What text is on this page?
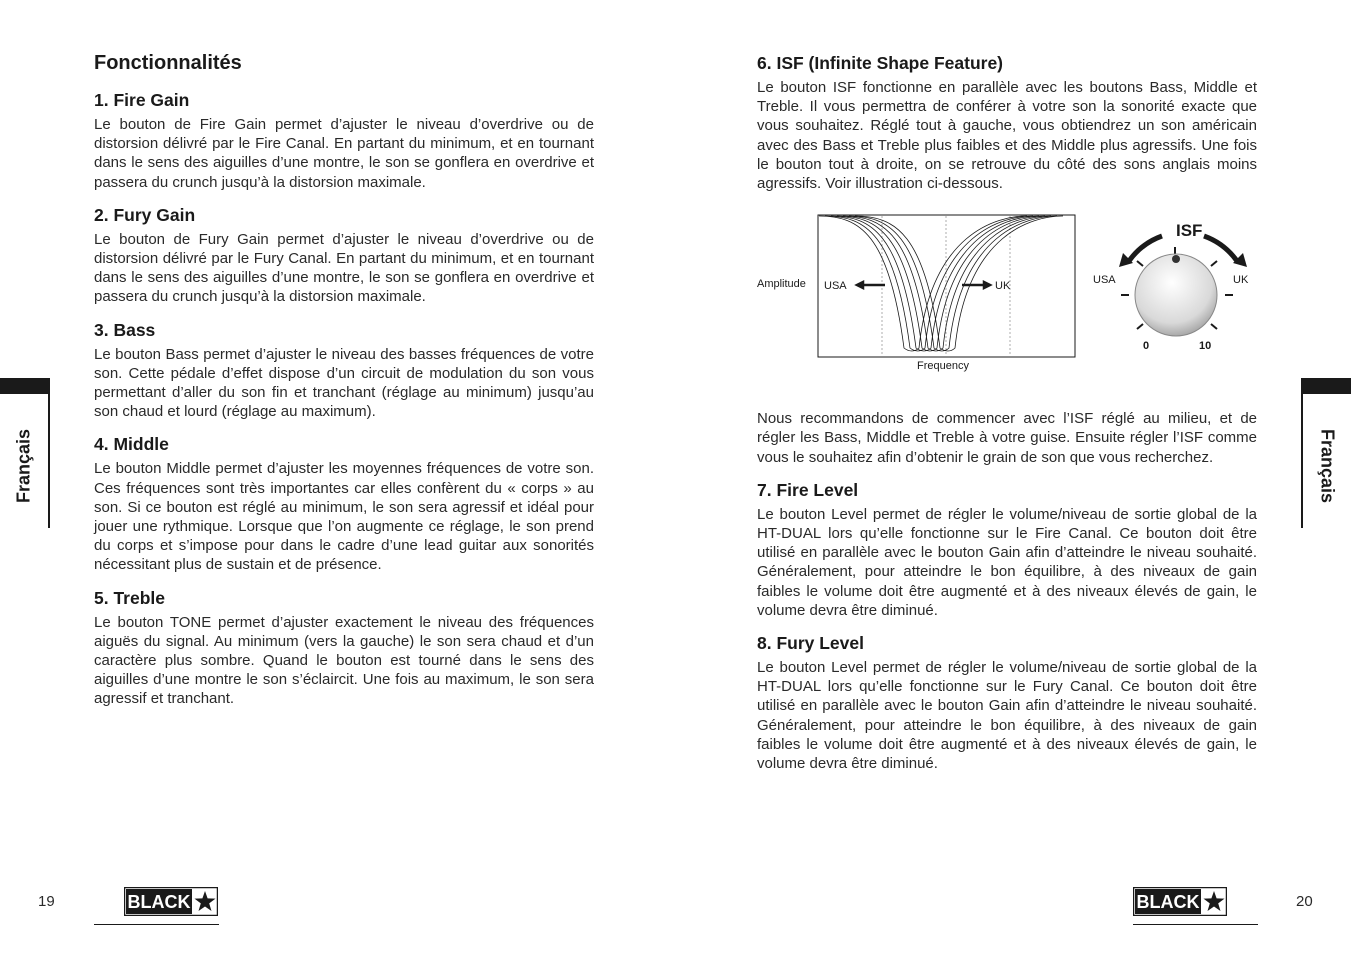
Fonctionnalités
1. Fire Gain

Le bouton de Fire Gain permet d’ajuster le niveau d’overdrive ou de distorsion délivré par le Fire Canal. En partant du minimum, et en tournant dans le sens des aiguilles d’une montre, le son se gonflera en overdrive et passera du crunch jusqu’à la distorsion maximale.

2. Fury Gain

Le bouton de Fury Gain permet d’ajuster le niveau d’overdrive ou de distorsion délivré par le Fury Canal. En partant du minimum, et en tournant dans le sens des aiguilles d’une montre, le son se gonflera en overdrive et passera du crunch jusqu’à la distorsion maximale.

3. Bass

Le bouton Bass permet d’ajuster le niveau des basses fréquences de votre son. Cette pédale d’effet dispose d’un circuit de modulation du son vous permettant d’aller du son fin et tranchant (réglage au minimum) jusqu’au son chaud et lourd (réglage au maximum).

4. Middle

Le bouton Middle permet d’ajuster les moyennes fréquences de votre son. Ces fréquences sont très importantes car elles confèrent du « corps » au son. Si ce bouton est réglé au minimum, le son sera agressif et idéal pour jouer une rythmique. Lorsque que l’on augmente ce réglage, le son prend du corps et s’impose pour dans le cadre d’une lead guitar aux sonorités nécessitant plus de sustain et de présence.

5. Treble

Le bouton TONE permet d’ajuster exactement le niveau des fréquences aiguës du signal. Au minimum (vers la gauche) le son sera chaud et d’un caractère plus sombre. Quand le bouton est tourné dans le sens des aiguilles d’une montre le son s’éclaircit. Une fois au maximum, le son sera agressif et tranchant.

Français
19	BLACK
6. ISF (Infinite Shape Feature)

Le bouton ISF fonctionne en parallèle avec les boutons Bass, Middle et Treble. Il vous permettra de conférer à votre son la sonorité exacte que vous souhaitez. Réglé tout à gauche, vous obtiendrez un son américain avec des Bass et Treble plus faibles et des Middle plus agressifs. Une fois le bouton tout à droite, on se retrouve du côté des sons anglais moins agressifs. Voir illustration ci-dessous.

Amplitude
Frequency
USA	UK
ISF
USA	UK
0	10

Nous recommandons de commencer avec l’ISF réglé au milieu, et de régler les Bass, Middle et Treble à votre guise. Ensuite régler l’ISF comme vous le souhaitez afin d’obtenir le grain de son que vous recherchez.

7. Fire Level

Le bouton Level permet de régler le volume/niveau de sortie global de la HT-DUAL lors qu’elle fonctionne sur le Fire Canal. Ce bouton doit être utilisé en parallèle avec le bouton Gain afin d’atteindre le niveau souhaité. Généralement, pour atteindre le bon équilibre, à des niveaux de gain faibles le volume doit être augmenté et à des niveaux élevés de gain, le volume devra être diminué.

8. Fury Level

Le bouton Level permet de régler le volume/niveau de sortie global de la HT-DUAL lors qu’elle fonctionne sur le Fury Canal. Ce bouton doit être utilisé en parallèle avec le bouton Gain afin d’atteindre le niveau souhaité. Généralement, pour atteindre le bon équilibre, à des niveaux de gain faibles le volume doit être augmenté et à des niveaux élevés de gain, le volume devra être diminué.

Français
20
BLACK
